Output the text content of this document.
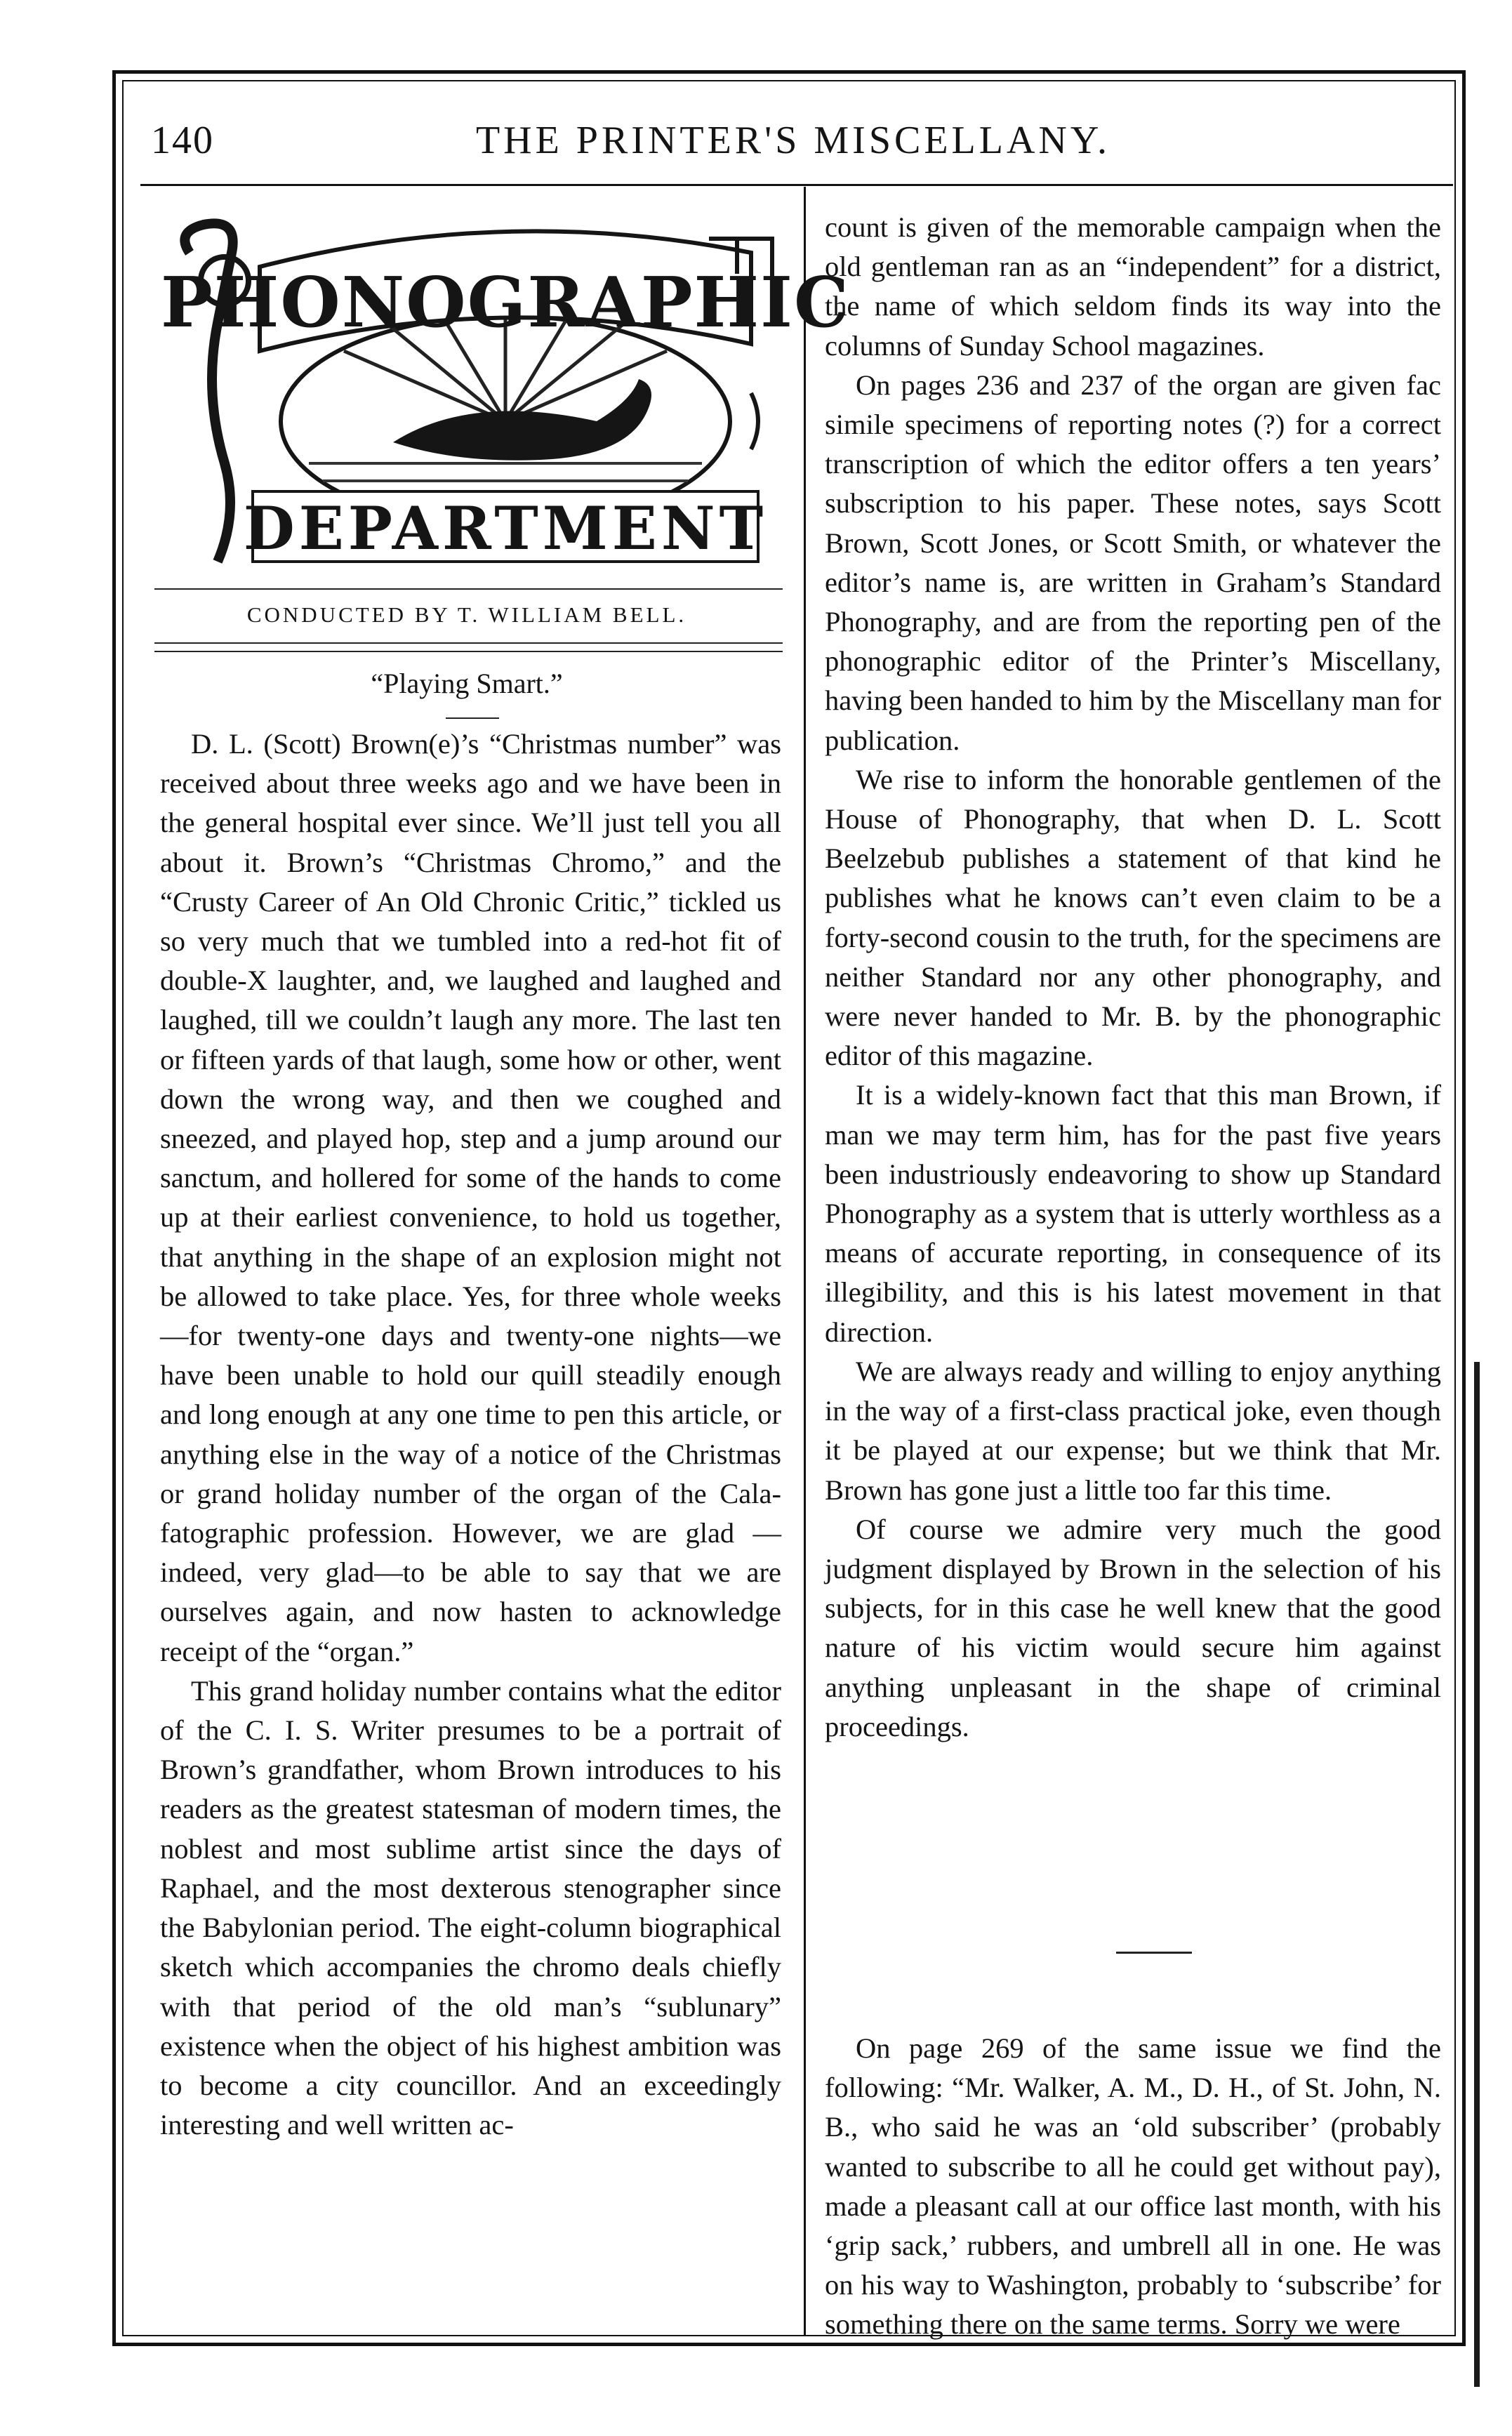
140	THE PRINTER'S MISCELLANY.
PHONOGRAPHIC
DEPARTMENT
CONDUCTED BY T. WILLIAM BELL.
“Playing Smart.”

D. L. (Scott) Brown(e)’s “Christmas number” was received about three weeks ago and we have been in the general hospital ever since. We’ll just tell you all about it. Brown’s “Christmas Chromo,” and the “Crusty Career of An Old Chronic Critic,” tickled us so very much that we tumbled into a red-hot fit of double-X laughter, and, we laughed and laughed and laughed, till we couldn’t laugh any more. The last ten or fifteen yards of that laugh, some how or other, went down the wrong way, and then we coughed and sneezed, and played hop, step and a jump around our sanctum, and hollered for some of the hands to come up at their earliest convenience, to hold us together, that anything in the shape of an explosion might not be allowed to take place. Yes, for three whole weeks—for twenty-one days and twenty-one nights—we have been unable to hold our quill steadily enough and long enough at any one time to pen this article, or anything else in the way of a notice of the Christmas or grand holiday number of the organ of the Calafatographic profession. However, we are glad —indeed, very glad—to be able to say that we are ourselves again, and now hasten to acknowledge receipt of the “organ.”

This grand holiday number contains what the editor of the C. I. S. Writer presumes to be a portrait of Brown’s grandfather, whom Brown introduces to his readers as the greatest statesman of modern times, the noblest and most sublime artist since the days of Raphael, and the most dexterous stenographer since the Babylonian period. The eight-column biographical sketch which accompanies the chromo deals chiefly with that period of the old man’s “sublunary” existence when the object of his highest ambition was to become a city councillor. And an exceedingly interesting and well written ac-

count is given of the memorable campaign when the old gentleman ran as an “independent” for a district, the name of which seldom finds its way into the columns of Sunday School magazines.

On pages 236 and 237 of the organ are given fac simile specimens of reporting notes (?) for a correct transcription of which the editor offers a ten years’ subscription to his paper. These notes, says Scott Brown, Scott Jones, or Scott Smith, or whatever the editor’s name is, are written in Graham’s Standard Phonography, and are from the reporting pen of the phonographic editor of the Printer’s Miscellany, having been handed to him by the Miscellany man for publication.

We rise to inform the honorable gentlemen of the House of Phonography, that when D. L. Scott Beelzebub publishes a statement of that kind he publishes what he knows can’t even claim to be a forty-second cousin to the truth, for the specimens are neither Standard nor any other phonography, and were never handed to Mr. B. by the phonographic editor of this magazine.

It is a widely-known fact that this man Brown, if man we may term him, has for the past five years been industriously endeavoring to show up Standard Phonography as a system that is utterly worthless as a means of accurate reporting, in consequence of its illegibility, and this is his latest movement in that direction.

We are always ready and willing to enjoy anything in the way of a first-class practical joke, even though it be played at our expense; but we think that Mr. Brown has gone just a little too far this time.

Of course we admire very much the good judgment displayed by Brown in the selection of his subjects, for in this case he well knew that the good nature of his victim would secure him against anything unpleasant in the shape of criminal proceedings.

On page 269 of the same issue we find the following: “Mr. Walker, A. M., D. H., of St. John, N. B., who said he was an ‘old subscriber’ (probably wanted to subscribe to all he could get without pay), made a pleasant call at our office last month, with his ‘grip sack,’ rubbers, and umbrell all in one. He was on his way to Washington, probably to ‘subscribe’ for something there on the same terms. Sorry we were
